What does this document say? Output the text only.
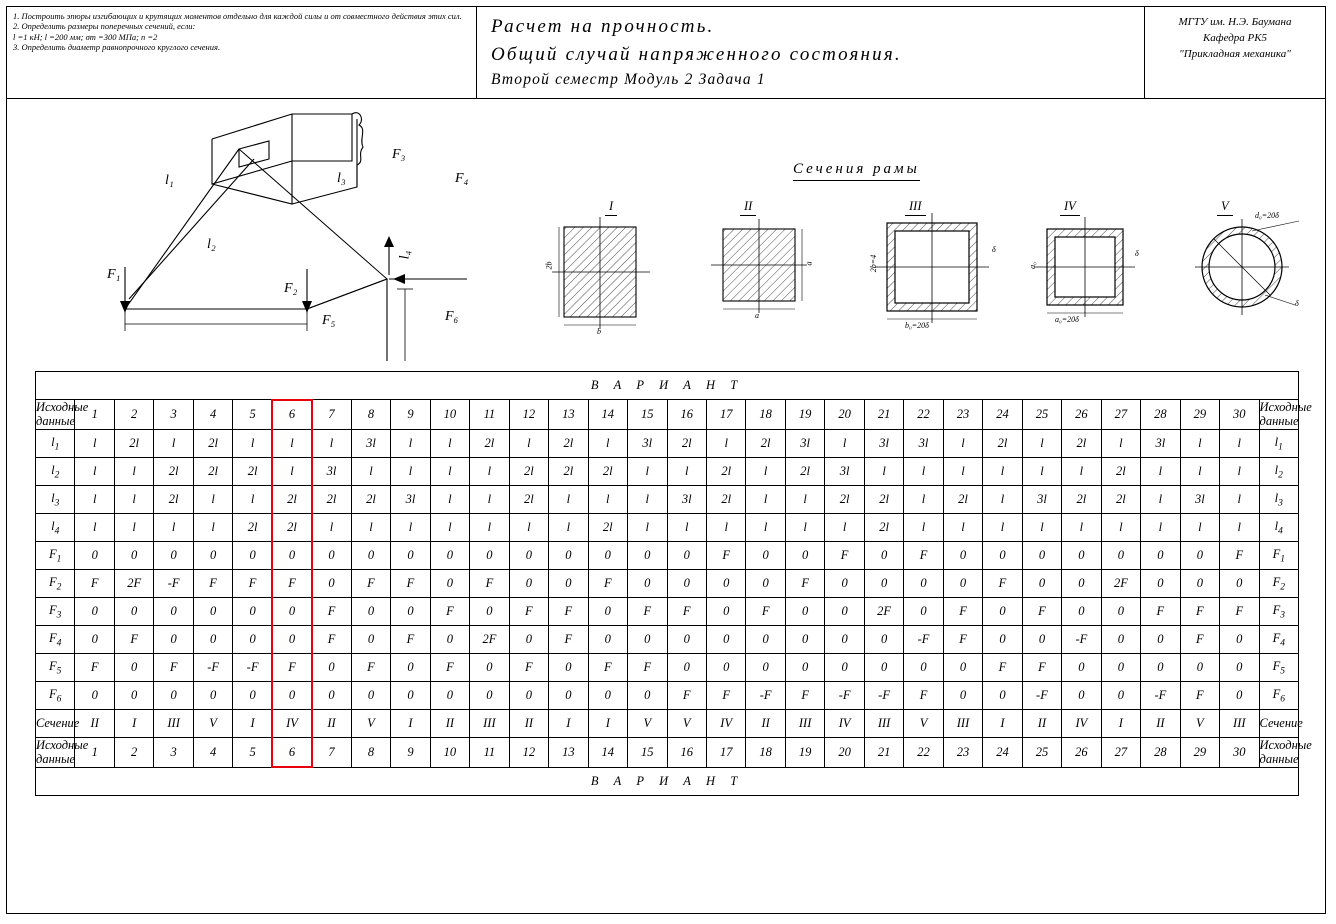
1. Построить эпюры изгибающих и крутящих моментов отдельно для каждой силы и от совместного действия этих сил.
2. Определить размеры поперечных сечений, если:
l =1 кН; l =200 мм; σт =300 МПа; n =2
3. Определить диаметр равнопрочного круглого сечения.
Расчет на прочность.
Общий случай напряженного состояния.
Второй семестр Модуль 2 Задача 1
МГТУ им. Н.Э. Баумана
Кафедра РК5
"Прикладная механика"
F₁
F₂
F₃
F₄
F₅	F₆
l₁
l₂
l₃
l₄
Сечения рамы
I	II	III	IV	V
2b
b
a
a	2b=4
δ
b₀=20δ
a₀
δ
a₀=20δ
d₀=20δ
δ
В А Р И А Н Т																															
Исходные данные	1	2	3	4	5	6	7	8	9	10	11	12	13	14	15	16	17	18	19	20	21	22	23	24	25	26	27	28	29	30	Исходные данные
$l_1$	l	2l	l	2l	l	l	l	3l	l	l	2l	l	2l	l	3l	2l	l	2l	3l	l	3l	3l	l	2l	l	2l	l	3l	l	l	$l_1$
$l_2$	l	l	2l	2l	2l	l	3l	l	l	l	l	2l	2l	2l	l	l	2l	l	2l	3l	l	l	l	l	l	l	2l	l	l	l	$l_2$
$l_3$	l	l	2l	l	l	2l	2l	2l	3l	l	l	2l	l	l	l	3l	2l	l	l	2l	2l	l	2l	l	3l	2l	2l	l	3l	l	$l_3$
$l_4$	l	l	l	l	2l	2l	l	l	l	l	l	l	l	2l	l	l	l	l	l	l	2l	l	l	l	l	l	l	l	l	l	$l_4$
$F_1$	0	0	0	0	0	0	0	0	0	0	0	0	0	0	0	0	F	0	0	F	0	F	0	0	0	0	0	0	0	F	$F_1$
$F_2$	F	2F	-F	F	F	F	0	F	F	0	F	0	0	F	0	0	0	0	F	0	0	0	0	F	0	0	2F	0	0	0	$F_2$
$F_3$	0	0	0	0	0	0	F	0	0	F	0	F	F	0	F	F	0	F	0	0	2F	0	F	0	F	0	0	F	F	F	$F_3$
$F_4$	0	F	0	0	0	0	F	0	F	0	2F	0	F	0	0	0	0	0	0	0	0	-F	F	0	0	-F	0	0	F	0	$F_4$
$F_5$	F	0	F	-F	-F	F	0	F	0	F	0	F	0	F	F	0	0	0	0	0	0	0	0	F	F	0	0	0	0	0	$F_5$
$F_6$	0	0	0	0	0	0	0	0	0	0	0	0	0	0	0	F	F	-F	F	-F	-F	F	0	0	-F	0	0	-F	F	0	$F_6$
Сечение	II	I	III	V	I	IV	II	V	I	II	III	II	I	I	V	V	IV	II	III	IV	III	V	III	I	II	IV	I	II	V	III	Сечение
Исходные данные	1	2	3	4	5	6	7	8	9	10	11	12	13	14	15	16	17	18	19	20	21	22	23	24	25	26	27	28	29	30	Исходные данные
В А Р И А Н Т																															
